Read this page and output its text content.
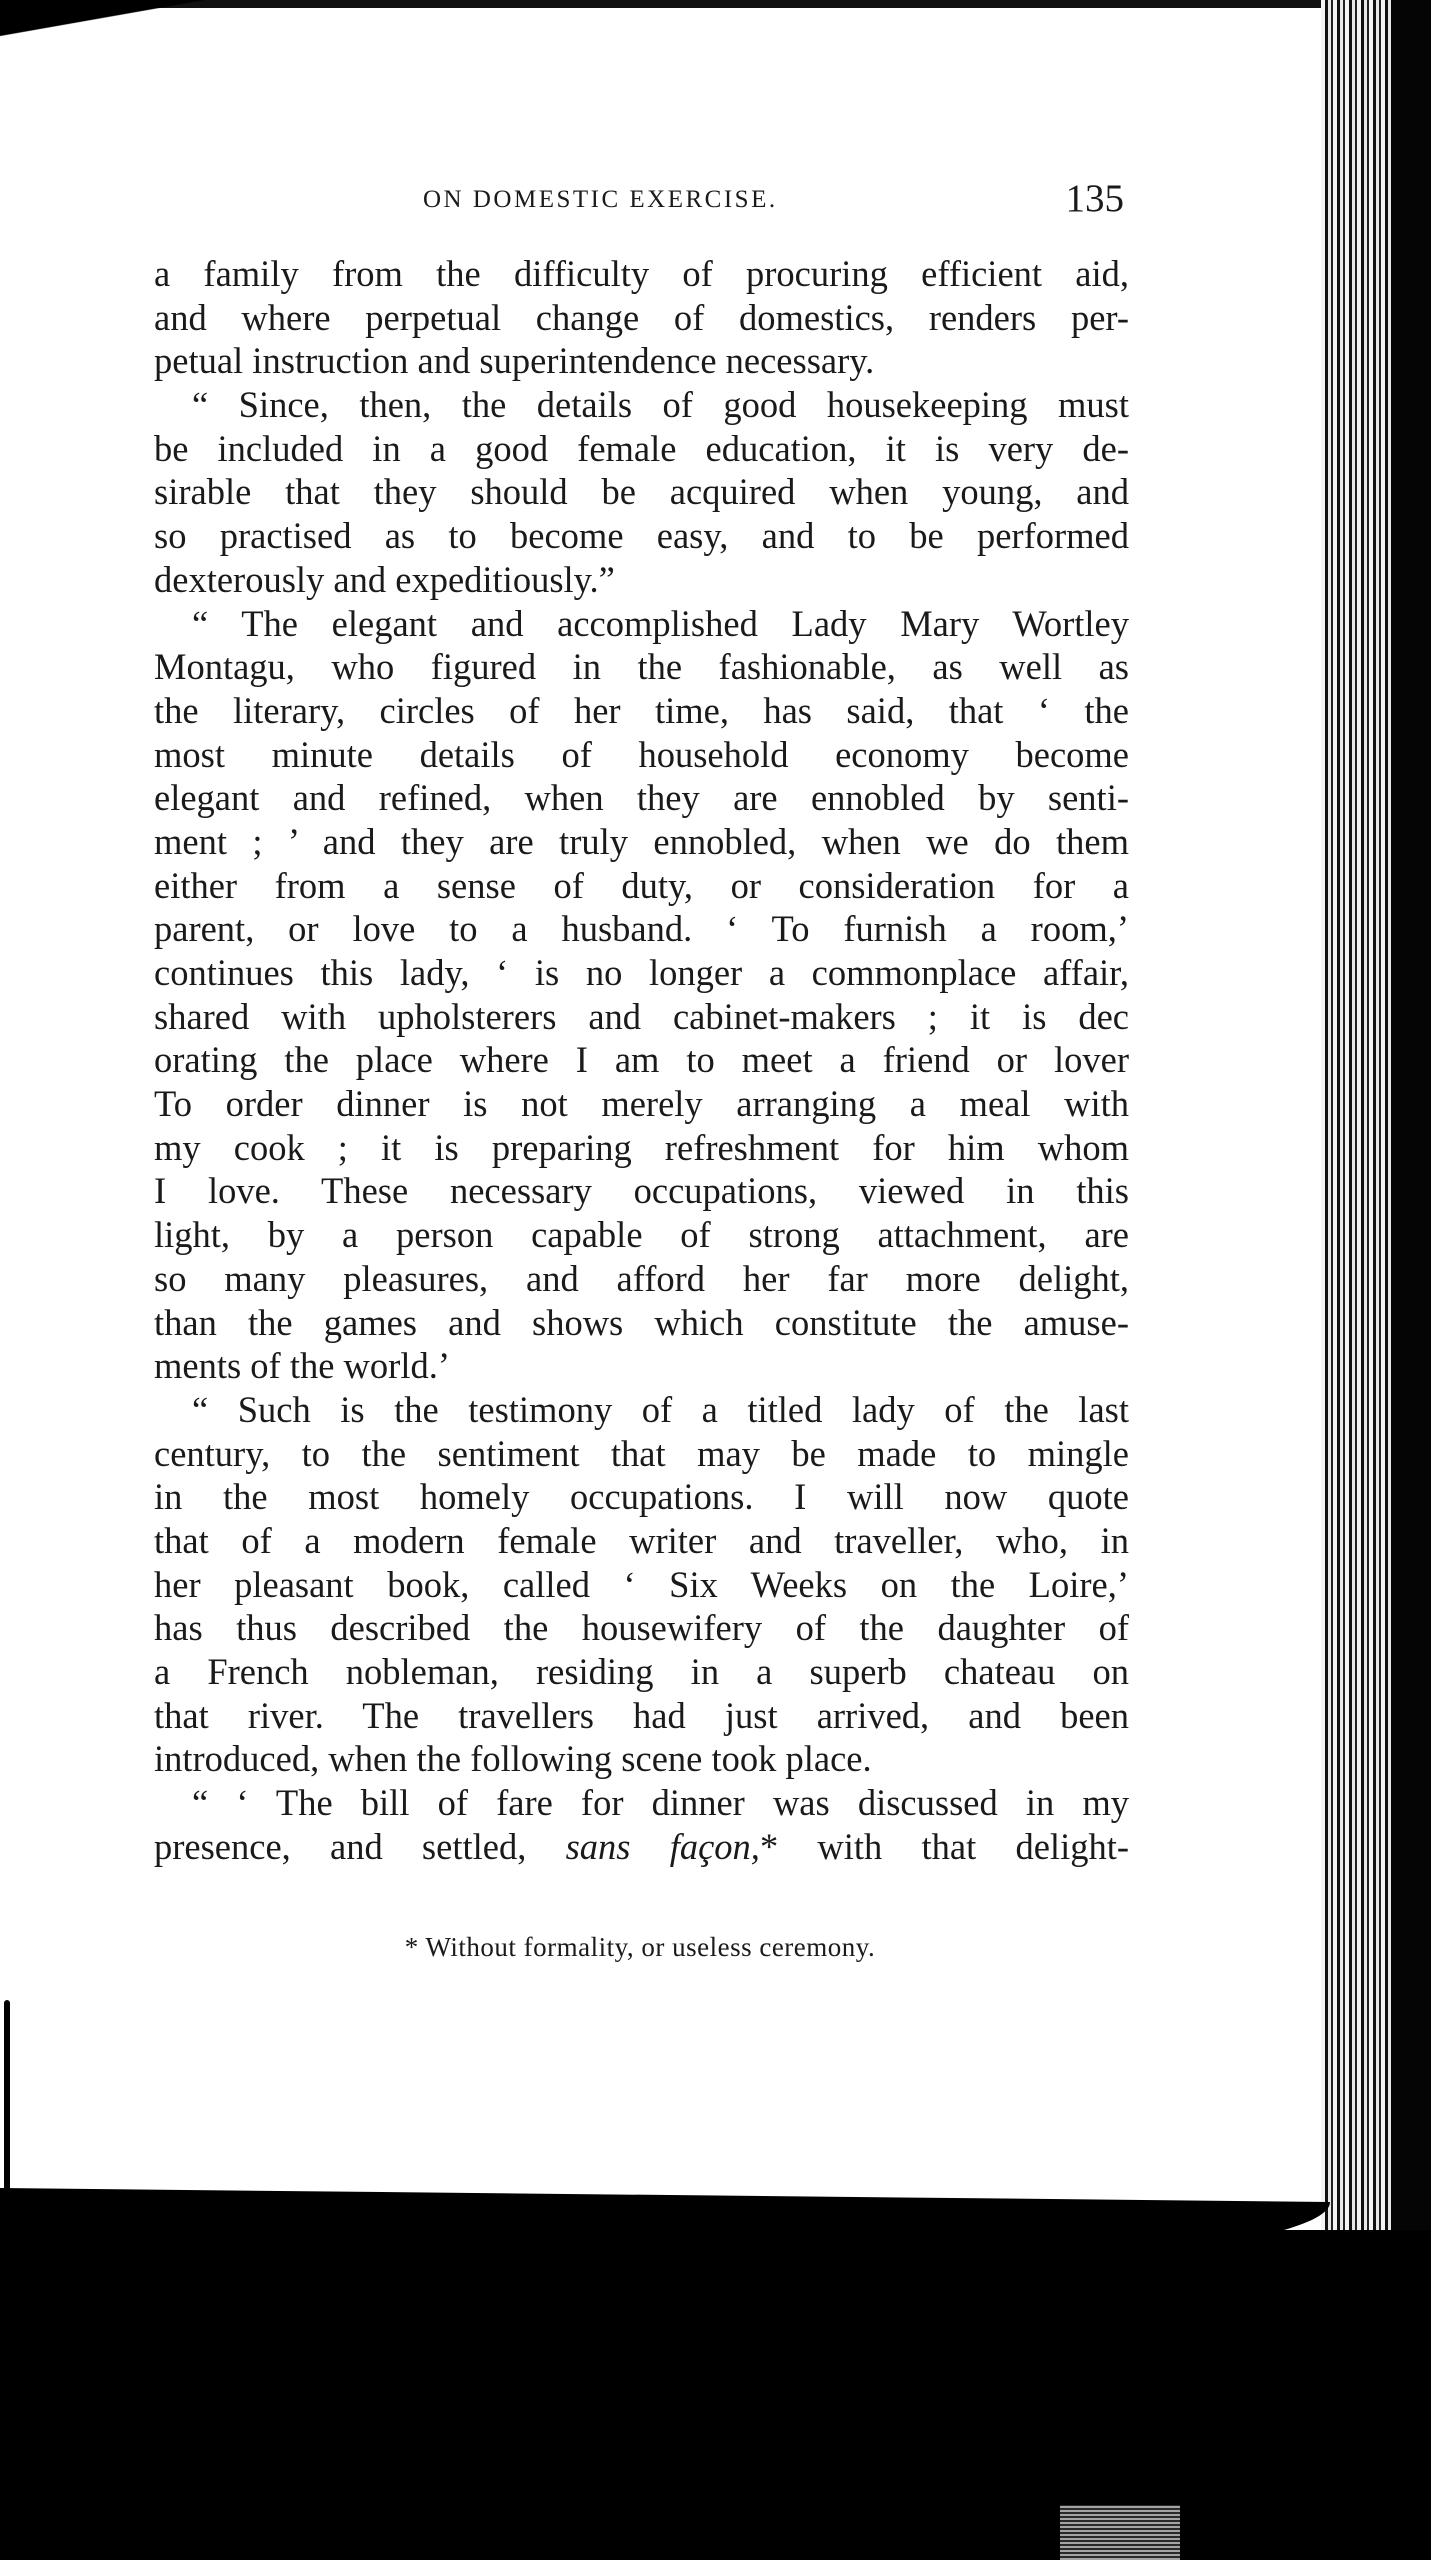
ON DOMESTIC EXERCISE.	135
a family from the difficulty of procuring efficient aid,
and where perpetual change of domestics, renders per-
petual instruction and superintendence necessary.
“ Since, then, the details of good housekeeping must
be included in a good female education, it is very de-
sirable that they should be acquired when young, and
so practised as to become easy, and to be performed
dexterously and expeditiously.”
“ The elegant and accomplished Lady Mary Wortley
Montagu, who figured in the fashionable, as well as
the literary, circles of her time, has said, that ‘ the
most minute details of household economy become
elegant and refined, when they are ennobled by senti-
ment ; ’ and they are truly ennobled, when we do them
either from a sense of duty, or consideration for a
parent, or love to a husband. ‘ To furnish a room,’
continues this lady, ‘ is no longer a commonplace affair,
shared with upholsterers and cabinet-makers ; it is dec
orating the place where I am to meet a friend or lover
To order dinner is not merely arranging a meal with
my cook ; it is preparing refreshment for him whom
I love. These necessary occupations, viewed in this
light, by a person capable of strong attachment, are
so many pleasures, and afford her far more delight,
than the games and shows which constitute the amuse-
ments of the world.’
“ Such is the testimony of a titled lady of the last
century, to the sentiment that may be made to mingle
in the most homely occupations. I will now quote
that of a modern female writer and traveller, who, in
her pleasant book, called ‘ Six Weeks on the Loire,’
has thus described the housewifery of the daughter of
a French nobleman, residing in a superb chateau on
that river. The travellers had just arrived, and been
introduced, when the following scene took place.
“ ‘ The bill of fare for dinner was discussed in my
presence, and settled, sans façon,* with that delight-
* Without formality, or useless ceremony.
